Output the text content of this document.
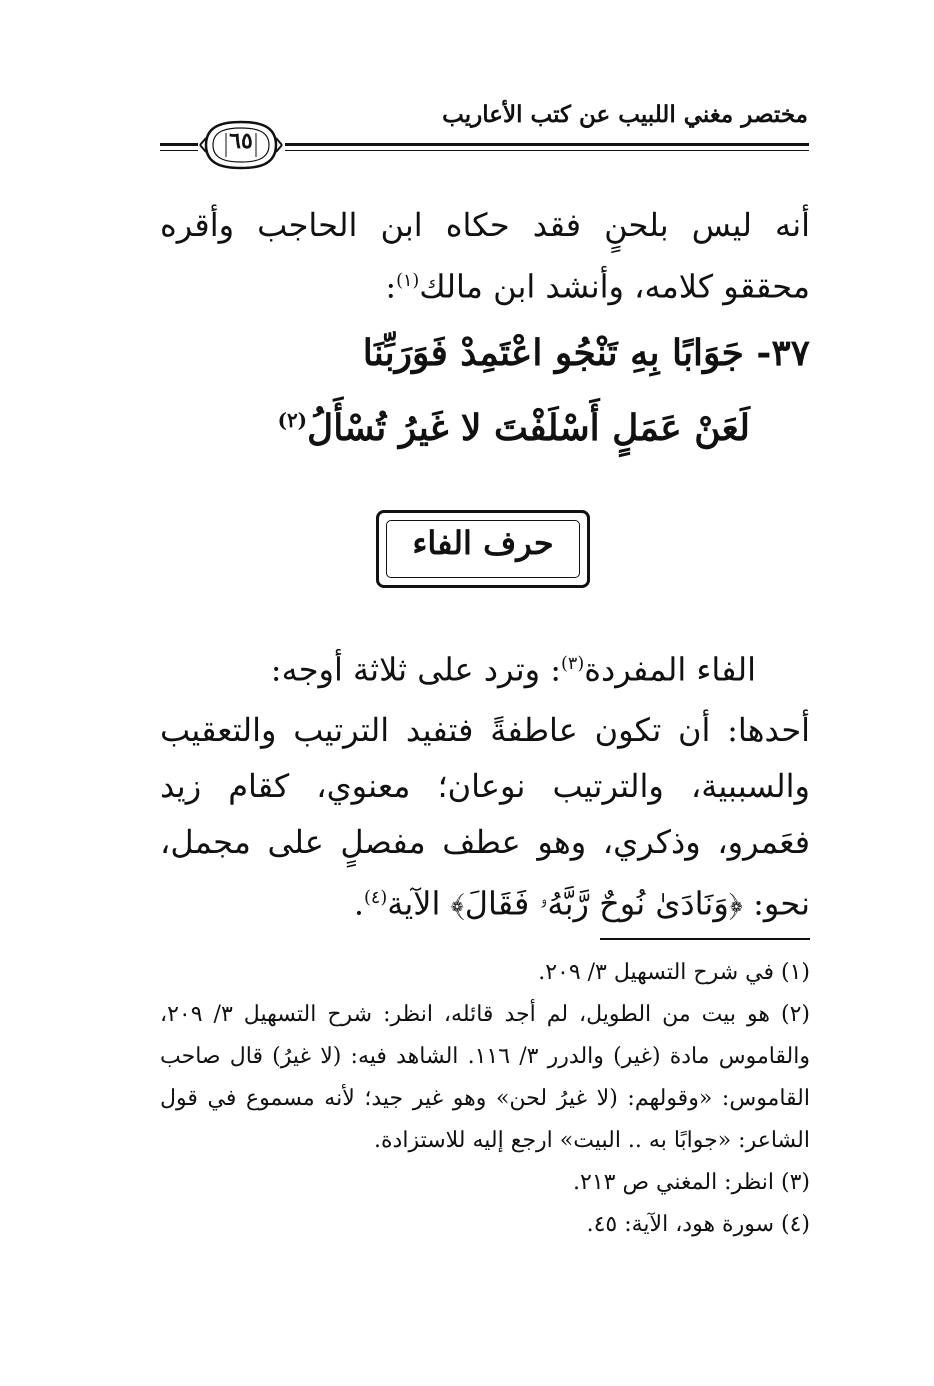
مختصر مغني اللبيب عن كتب الأعاريب
٦٥
أنه ليس بلحنٍ فقد حكاه ابن الحاجب وأقره محققو كلامه، وأنشد ابن مالك$^{(١)}$:
٣٧- جَوَابًا بِهِ تَنْجُو اعْتَمِدْ فَوَرَبِّنَا
لَعَنْ عَمَلٍ أَسْلَفْتَ لا غَيرُ تُسْأَلُ$^{(٢)}$
حرف الفاء
الفاء المفردة$^{(٣)}$: وترد على ثلاثة أوجه:
أحدها: أن تكون عاطفةً فتفيد الترتيب والتعقيب والسببية، والترتيب نوعان؛ معنوي، كقام زيد فعَمرو، وذكري، وهو عطف مفصلٍ على مجمل، نحو: ﴿وَنَادَىٰ نُوحٌ رَّبَّهُۥ فَقَالَ﴾ الآية$^{(٤)}$.
(١) في شرح التسهيل ٣/ ٢٠٩.
(٢) هو بيت من الطويل، لم أجد قائله، انظر: شرح التسهيل ٣/ ٢٠٩، والقاموس مادة (غير) والدرر ٣/ ١١٦. الشاهد فيه: (لا غيرُ) قال صاحب القاموس: «وقولهم: (لا غيرُ لحن» وهو غير جيد؛ لأنه مسموع في قول الشاعر: «جوابًا به .. البيت» ارجع إليه للاستزادة.
(٣) انظر: المغني ص ٢١٣.
(٤) سورة هود، الآية: ٤٥.
